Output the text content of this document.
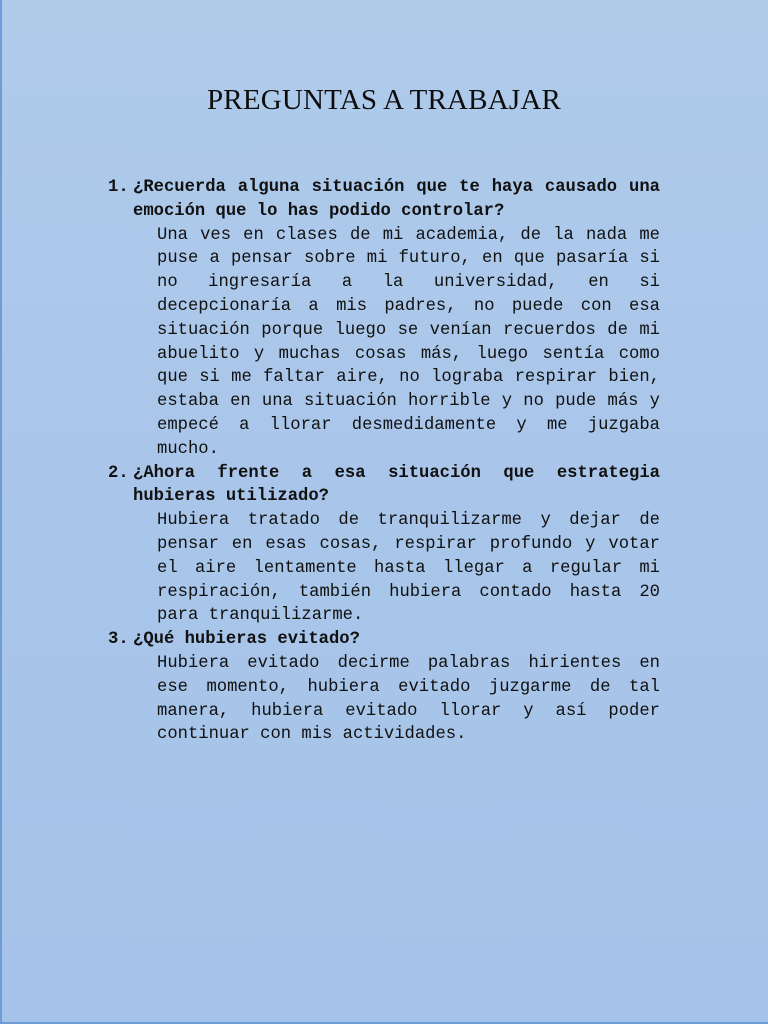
PREGUNTAS A TRABAJAR

1. ¿Recuerda alguna situación que te haya causado una emoción que lo has podido controlar?

Una ves en clases de mi academia, de la nada me puse a pensar sobre mi futuro, en que pasaría si no ingresaría a la universidad, en si decepcionaría a mis padres, no puede con esa situación porque luego se venían recuerdos de mi abuelito y muchas cosas más, luego sentía como que si me faltar aire, no lograba respirar bien, estaba en una situación horrible y no pude más y empecé a llorar desmedidamente y me juzgaba mucho.

2. ¿Ahora frente a esa situación que estrategia hubieras utilizado?

Hubiera tratado de tranquilizarme y dejar de pensar en esas cosas, respirar profundo y votar el aire lentamente hasta llegar a regular mi respiración, también hubiera contado hasta 20 para tranquilizarme.

3. ¿Qué hubieras evitado?

Hubiera evitado decirme palabras hirientes en ese momento, hubiera evitado juzgarme de tal manera, hubiera evitado llorar y así poder continuar con mis actividades.
